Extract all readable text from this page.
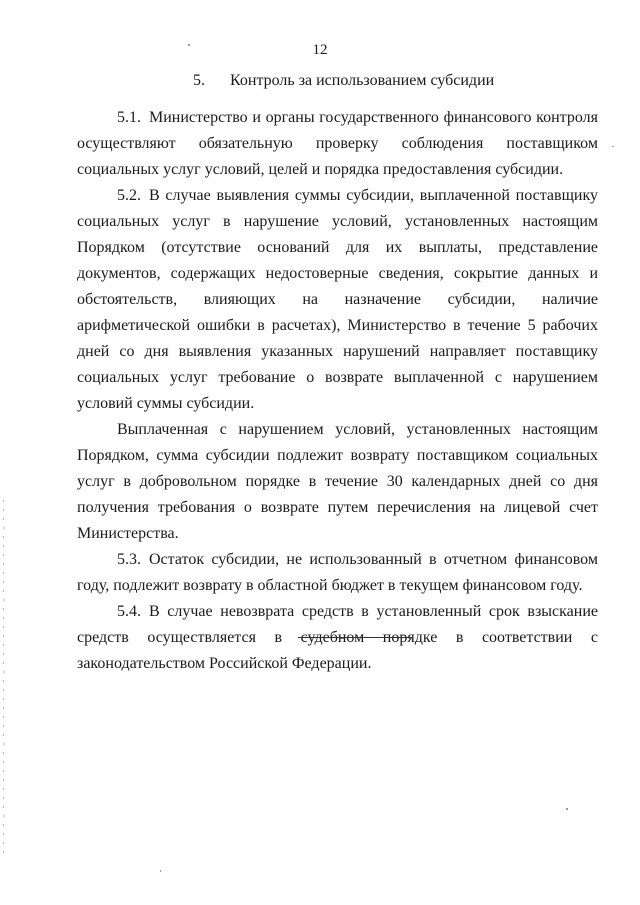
12
5. Контроль за использованием субсидии

5.1. Министерство и органы государственного финансового контроля осуществляют обязательную проверку соблюдения поставщиком социальных услуг условий, целей и порядка предоставления субсидии.

5.2. В случае выявления суммы субсидии, выплаченной поставщику социальных услуг в нарушение условий, установленных настоящим Порядком (отсутствие оснований для их выплаты, представление документов, содержащих недостоверные сведения, сокрытие данных и обстоятельств, влияющих на назначение субсидии, наличие арифметической ошибки в расчетах), Министерство в течение 5 рабочих дней со дня выявления указанных нарушений направляет поставщику социальных услуг требование о возврате выплаченной с нарушением условий суммы субсидии.

Выплаченная с нарушением условий, установленных настоящим Порядком, сумма субсидии подлежит возврату поставщиком социальных услуг в добровольном порядке в течение 30 календарных дней со дня получения требования о возврате путем перечисления на лицевой счет Министерства.

5.3. Остаток субсидии, не использованный в отчетном финансовом году, подлежит возврату в областной бюджет в текущем финансовом году.

5.4. В случае невозврата средств в установленный срок взыскание средств осуществляется в судебном порядке в соответствии с законодательством Российской Федерации.
